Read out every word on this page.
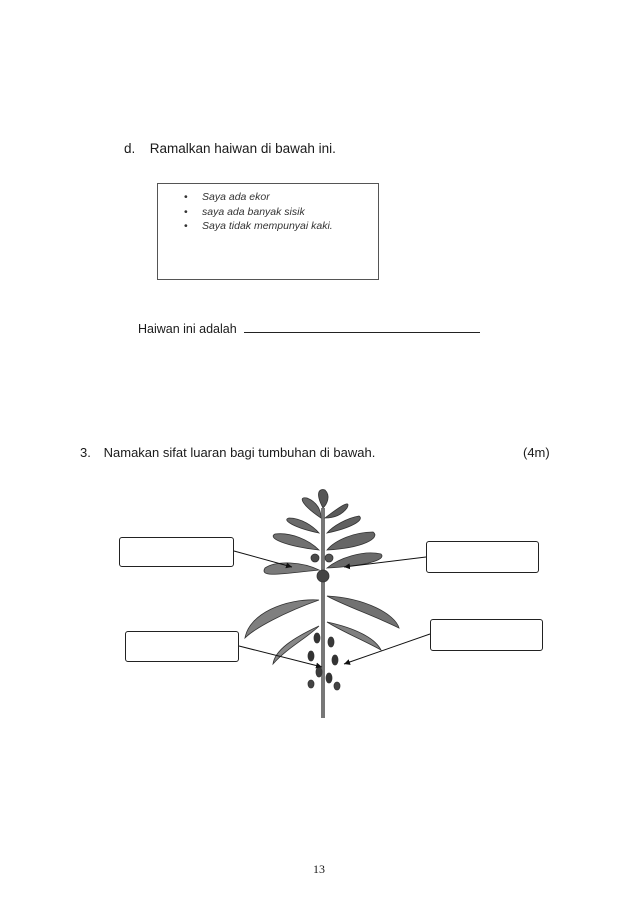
d. Ramalkan haiwan di bawah ini.
• Saya ada ekor
• saya ada banyak sisik
• Saya tidak mempunyai kaki.
Haiwan ini adalah
3. Namakan sifat luaran bagi tumbuhan di bawah.	(4m)
13
